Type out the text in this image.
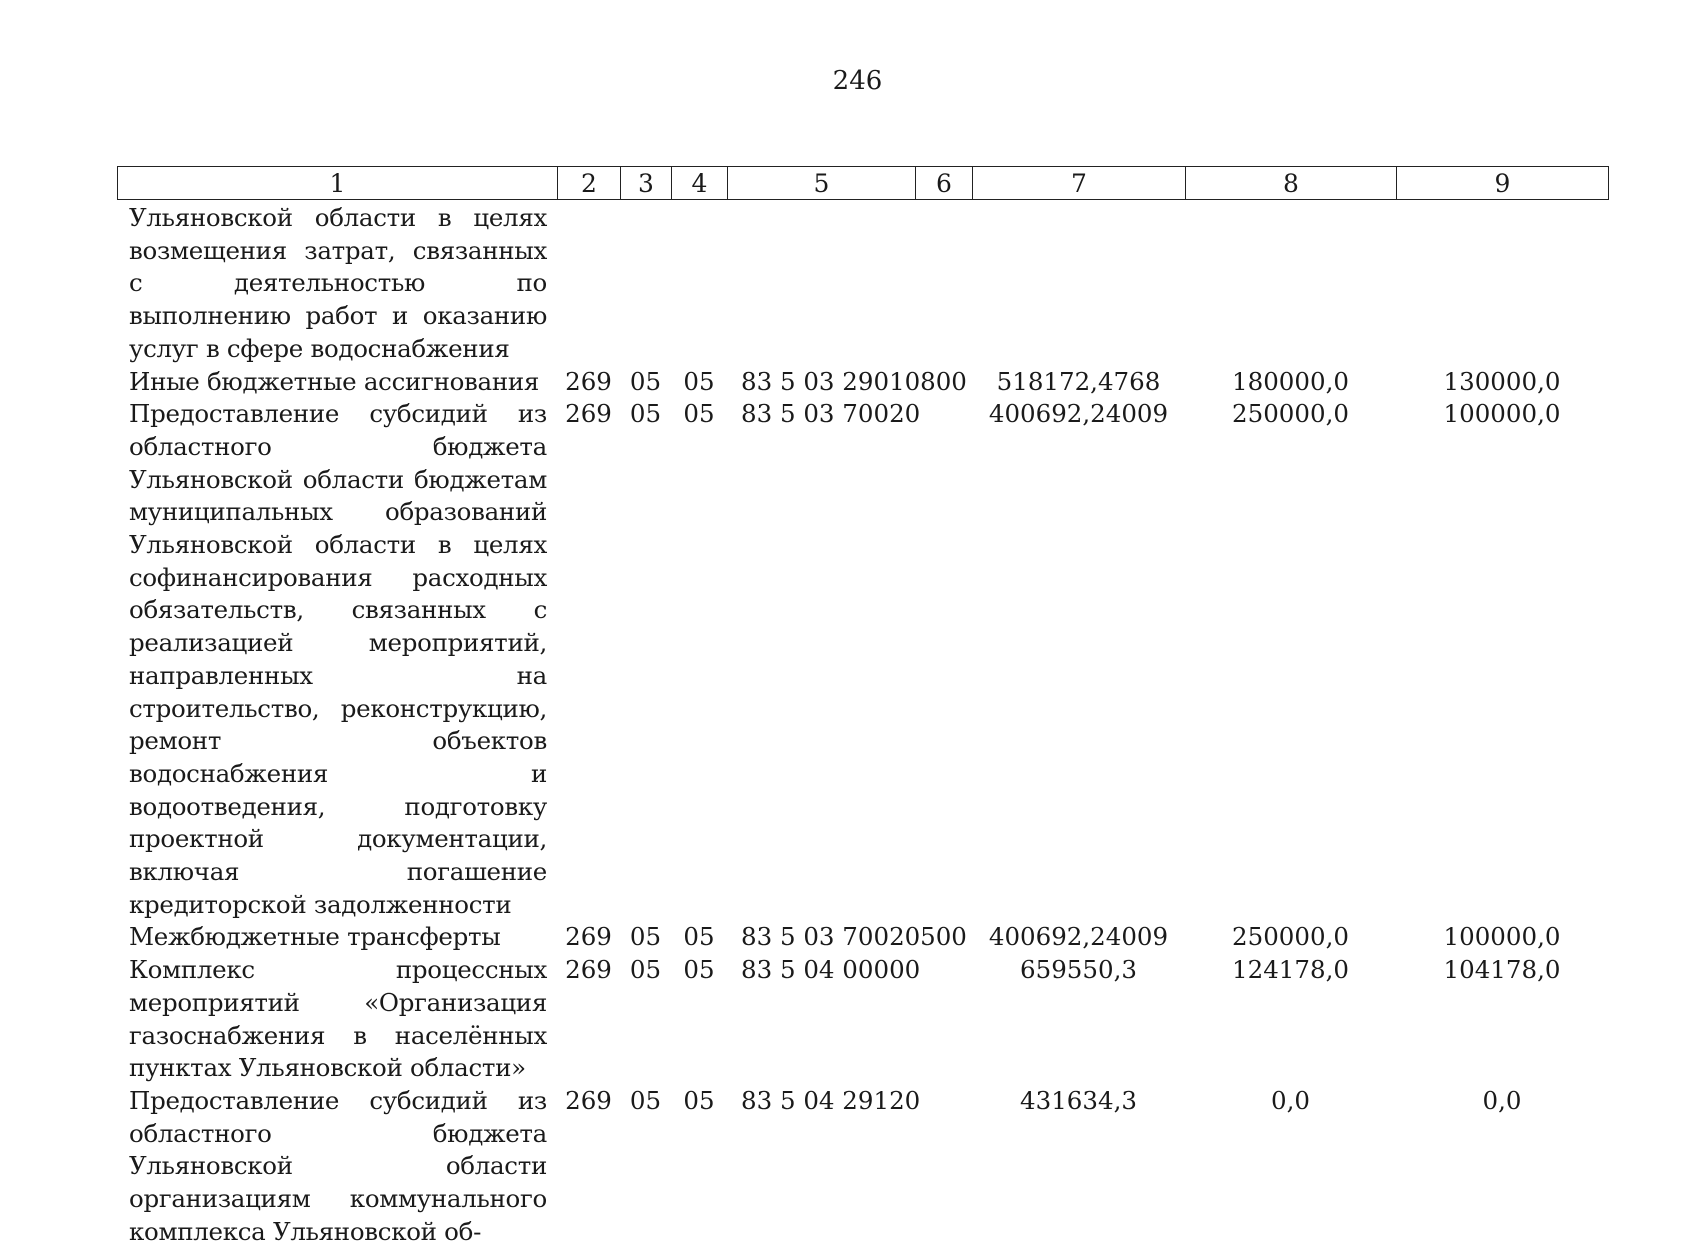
246
1	2	3	4	5	6	7	8	9
Ульяновской области в целях возмещения затрат, связанных с деятельностью по выполнению работ и оказанию услуг в сфере водоснабжения								
Иные бюджетные ассигнования	269	05	05	83 5 03 29010	800	518172,4768	180000,0	130000,0
Предоставление субсидий из областного бюджета Ульяновской области бюджетам муниципальных образований Ульяновской области в целях софинансирования расходных обязательств, связанных с реализацией мероприятий, направленных на строительство, реконструкцию, ремонт объектов водоснабжения и водоотведения, подготовку проектной документации, включая погашение кредиторской задолженности	269	05	05	83 5 03 70020		400692,24009	250000,0	100000,0
Межбюджетные трансферты	269	05	05	83 5 03 70020	500	400692,24009	250000,0	100000,0
Комплекс процессных мероприятий «Организация газоснабжения в населённых пунктах Ульяновской области»	269	05	05	83 5 04 00000		659550,3	124178,0	104178,0
Предоставление субсидий из областного бюджета Ульяновской области организациям коммунального комплекса Ульяновской об-	269	05	05	83 5 04 29120		431634,3	0,0	0,0
